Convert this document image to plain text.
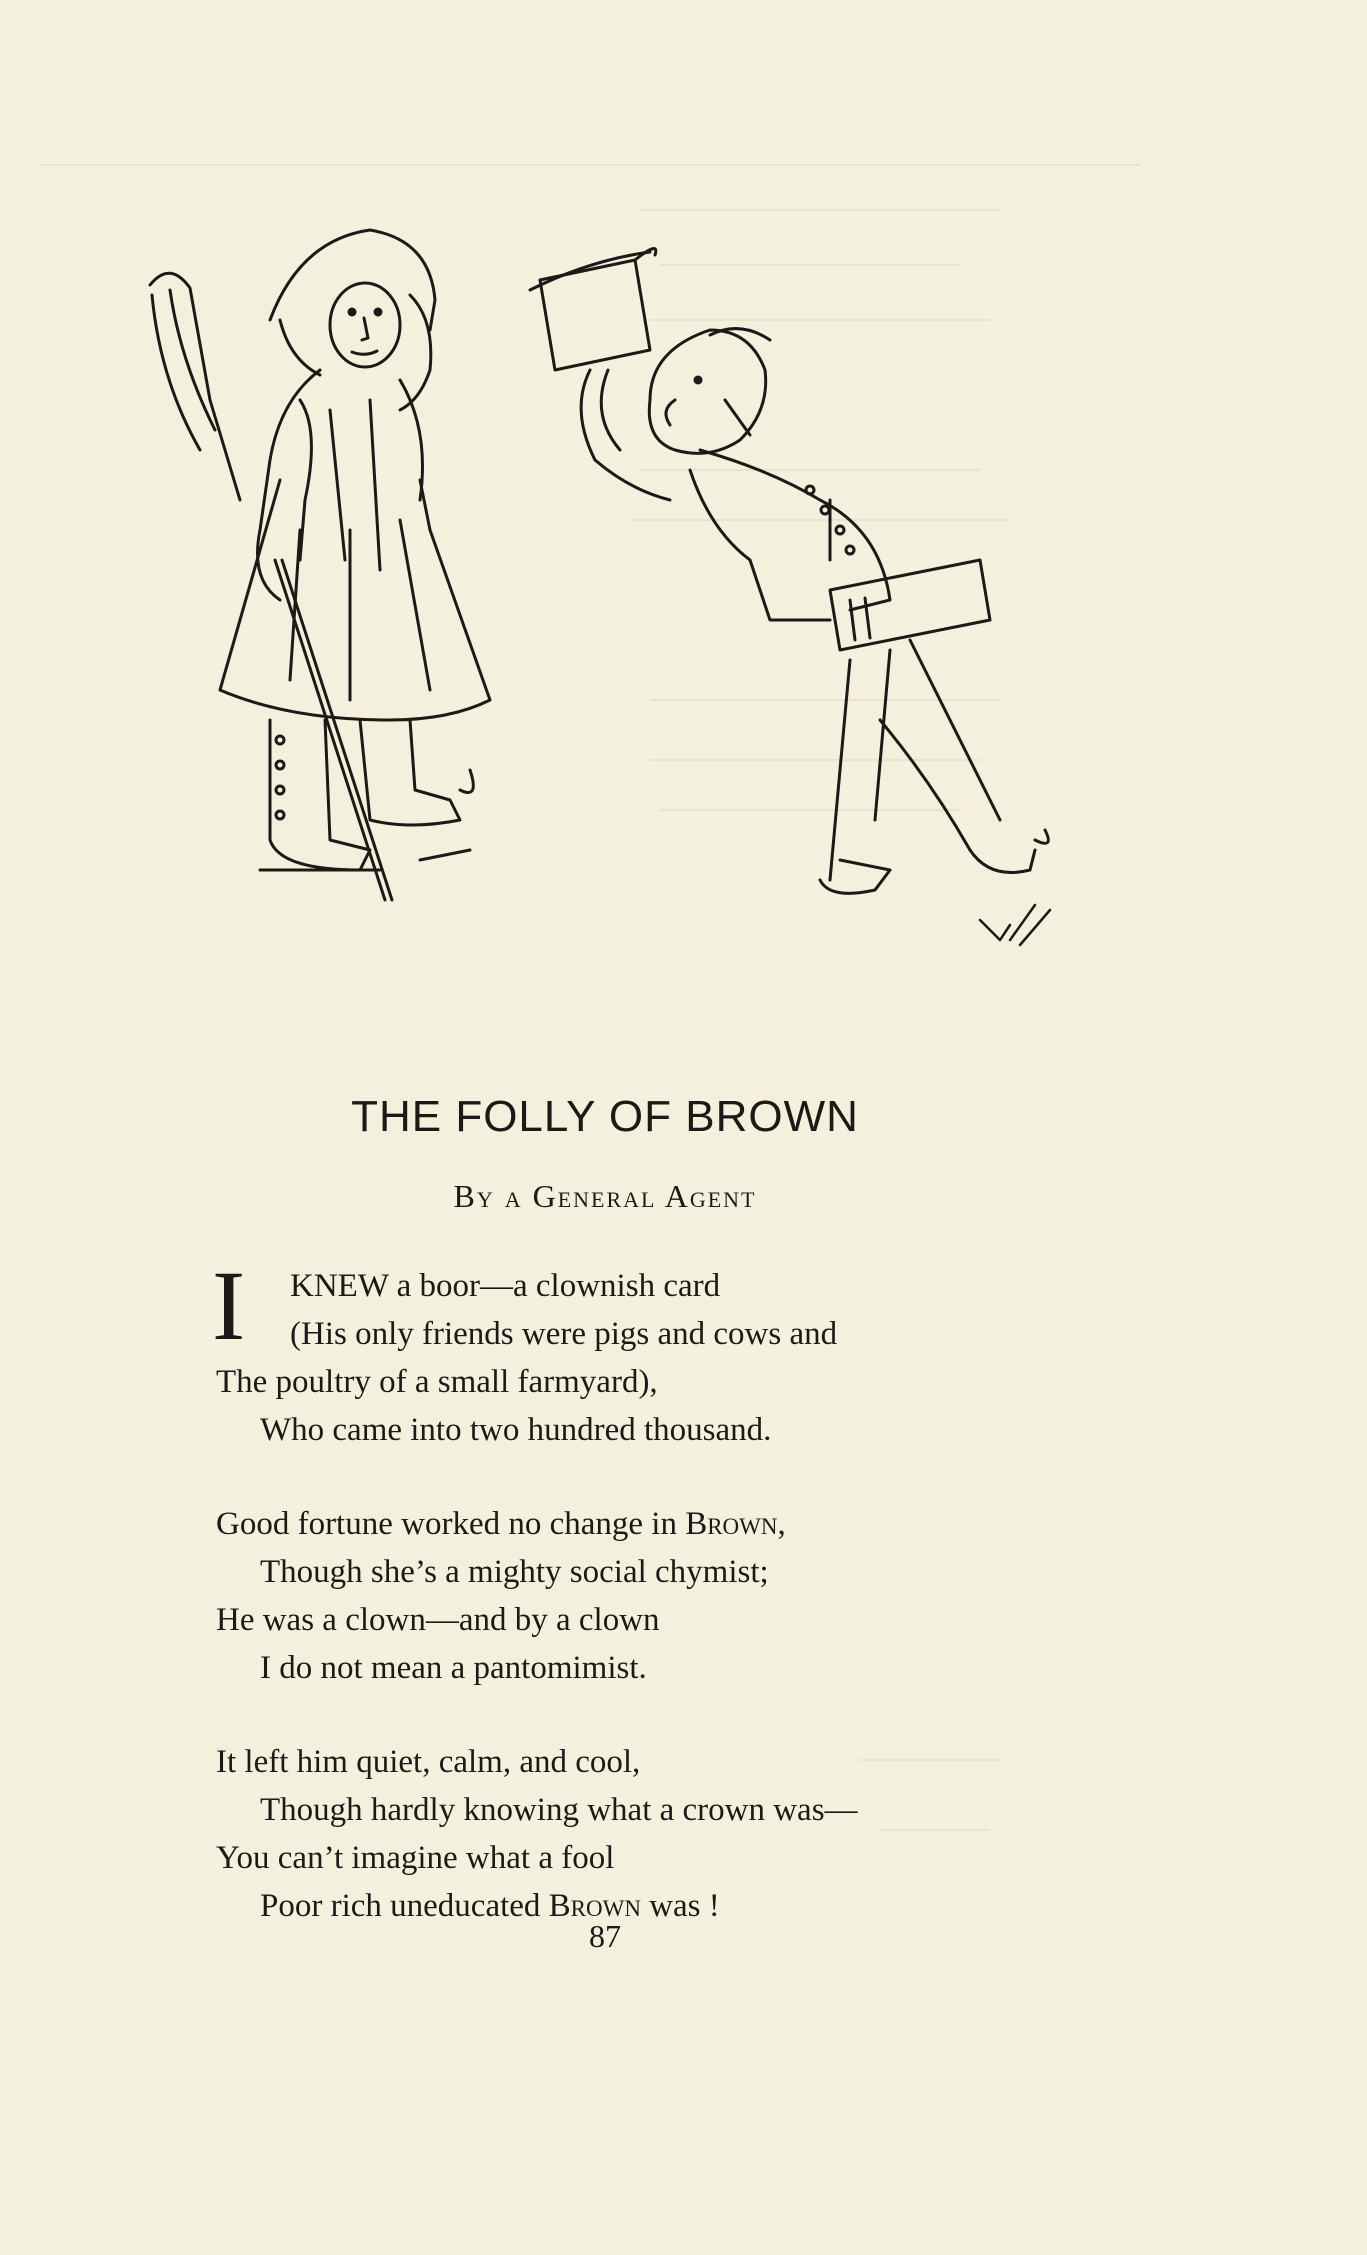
THE FOLLY OF BROWN
By a General Agent
I KNEW a boor—a clownish card
(His only friends were pigs and cows and
The poultry of a small farmyard),
Who came into two hundred thousand.
Good fortune worked no change in Brown,
Though she’s a mighty social chymist;
He was a clown—and by a clown
I do not mean a pantomimist.
It left him quiet, calm, and cool,
Though hardly knowing what a crown was—
You can’t imagine what a fool
Poor rich uneducated Brown was !
87
